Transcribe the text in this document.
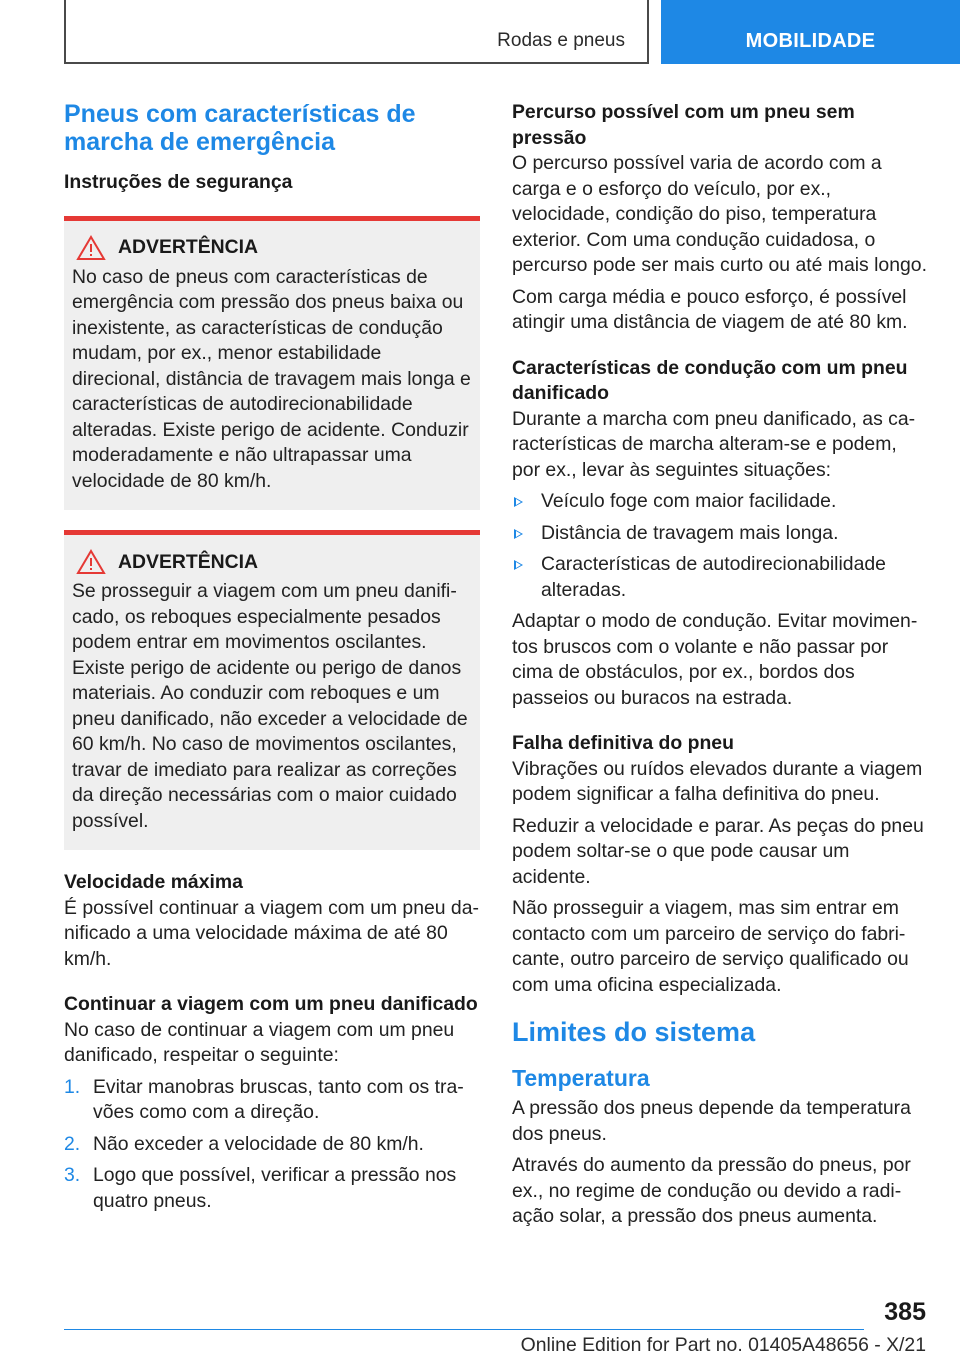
Rodas e pneus	MOBILIDADE
Pneus com características de marcha de emergência
Instruções de segurança
ADVERTÊNCIA

No caso de pneus com características de emergência com pressão dos pneus baixa ou inexistente, as características de condução mudam, por ex., menor estabilidade direcional, distância de travagem mais longa e características de autodirecionabilidade alteradas. Existe perigo de acidente. Conduzir moderadamente e não ultrapassar uma velocidade de 80 km/h.

ADVERTÊNCIA

Se prosseguir a viagem com um pneu danificado, os reboques especialmente pesados podem entrar em movimentos oscilantes. Existe perigo de acidente ou perigo de danos materiais. Ao conduzir com reboques e um pneu danificado, não exceder a velocidade de 60 km/h. No caso de movimentos oscilantes, travar de imediato para realizar as correções da direção necessárias com o maior cuidado possível.

Velocidade máxima

É possível continuar a viagem com um pneu danificado a uma velocidade máxima de até 80 km/h.

Continuar a viagem com um pneu danificado

No caso de continuar a viagem com um pneu danificado, respeitar o seguinte:

1. Evitar manobras bruscas, tanto com os travões como com a direção.
2. Não exceder a velocidade de 80 km/h.
3. Logo que possível, verificar a pressão nos quatro pneus.
Percurso possível com um pneu sem pressão

O percurso possível varia de acordo com a carga e o esforço do veículo, por ex., velocidade, condição do piso, temperatura exterior. Com uma condução cuidadosa, o percurso pode ser mais curto ou até mais longo.

Com carga média e pouco esforço, é possível atingir uma distância de viagem de até 80 km.

Características de condução com um pneu danificado

Durante a marcha com pneu danificado, as características de marcha alteram-se e podem, por ex., levar às seguintes situações:

Veículo foge com maior facilidade.
Distância de travagem mais longa.
Características de autodirecionabilidade alteradas.

Adaptar o modo de condução. Evitar movimentos bruscos com o volante e não passar por cima de obstáculos, por ex., bordos dos passeios ou buracos na estrada.

Falha definitiva do pneu

Vibrações ou ruídos elevados durante a viagem podem significar a falha definitiva do pneu.

Reduzir a velocidade e parar. As peças do pneu podem soltar-se o que pode causar um acidente.

Não prosseguir a viagem, mas sim entrar em contacto com um parceiro de serviço do fabricante, outro parceiro de serviço qualificado ou com uma oficina especializada.

Limites do sistema
Temperatura

A pressão dos pneus depende da temperatura dos pneus.

Através do aumento da pressão do pneus, por ex., no regime de condução ou devido a radiação solar, a pressão dos pneus aumenta.

385
Online Edition for Part no. 01405A48656 - X/21
